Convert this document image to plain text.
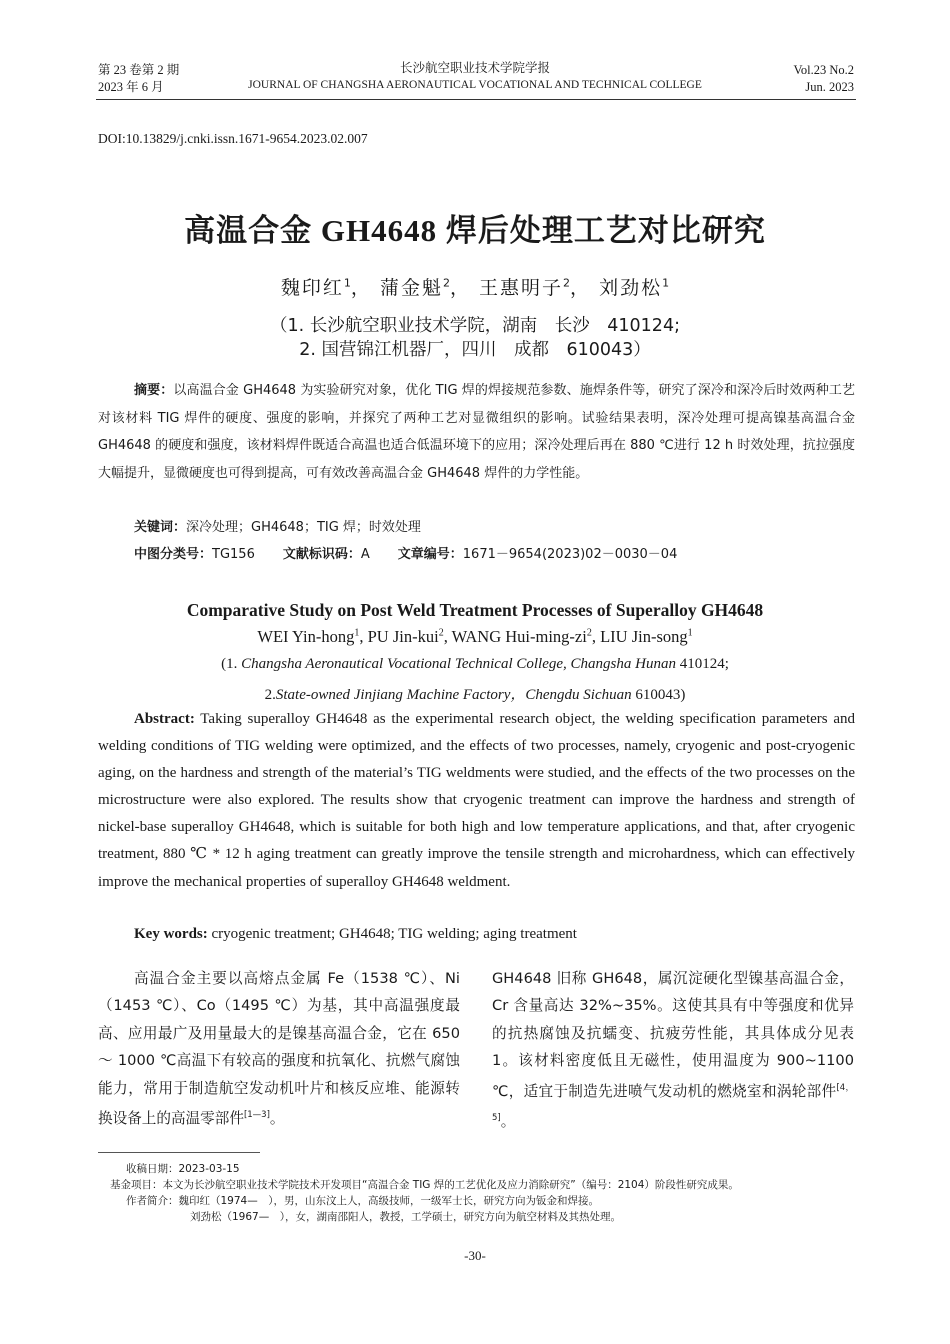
第 23 卷第 2 期
2023 年 6 月
长沙航空职业技术学院学报
JOURNAL OF CHANGSHA AERONAUTICAL VOCATIONAL AND TECHNICAL COLLEGE
Vol.23 No.2
Jun. 2023
DOI:10.13829/j.cnki.issn.1671-9654.2023.02.007
高温合金 GH4648 焊后处理工艺对比研究
魏印红$^1$， 蒲金魁$^2$， 王惠明子$^2$， 刘劲松$^1$
（1. 长沙航空职业技术学院，湖南　长沙　410124;
2. 国营锦江机器厂，四川　成都　610043）
摘要：以高温合金 GH4648 为实验研究对象，优化 TIG 焊的焊接规范参数、施焊条件等，研究了深冷和深冷后时效两种工艺对该材料 TIG 焊件的硬度、强度的影响，并探究了两种工艺对显微组织的影响。试验结果表明，深冷处理可提高镍基高温合金 GH4648 的硬度和强度，该材料焊件既适合高温也适合低温环境下的应用；深冷处理后再在 880 ℃进行 12 h 时效处理，抗拉强度大幅提升，显微硬度也可得到提高，可有效改善高温合金 GH4648 焊件的力学性能。
关键词：深冷处理；GH4648；TIG 焊；时效处理
中图分类号：TG156 文献标识码：A 文章编号：1671－9654(2023)02－0030－04
Comparative Study on Post Weld Treatment Processes of Superalloy GH4648
WEI Yin-hong$^1$, PU Jin-kui$^2$, WANG Hui-$\min g-zi^2$, LIU Jin-song$^1$
(1. Changsha Aeronautical Vocational Technical College, Changsha Hunan 410124;
2.State-owned Jinjiang Machine Factory，Chengdu Sichuan 610043)
Abstract: Taking superalloy GH4648 as the experimental research object, the welding specification parameters and welding conditions of TIG welding were optimized, and the effects of two processes, namely, cryogenic and post-cryogenic aging, on the hardness and strength of the material’s TIG weldments were studied, and the effects of the two processes on the microstructure were also explored. The results show that cryogenic treatment can improve the hardness and strength of nickel-base superalloy GH4648, which is suitable for both high and low temperature applications, and that, after cryogenic treatment, 880 ℃ * 12 h aging treatment can greatly improve the tensile strength and microhardness, which can effectively improve the mechanical properties of superalloy GH4648 weldment.
Key words: cryogenic treatment; GH4648; TIG welding; aging treatment
高温合金主要以高熔点金属 Fe（1538 ℃）、Ni（1453 ℃）、Co（1495 ℃）为基，其中高温强度最高、应用最广及用量最大的是镍基高温合金，它在 650 ～ 1000 ℃高温下有较高的强度和抗氧化、抗燃气腐蚀能力，常用于制造航空发动机叶片和核反应堆、能源转换设备上的高温零部件[1—3]。
GH4648 旧称 GH648，属沉淀硬化型镍基高温合金，Cr 含量高达 32%~35%。这使其具有中等强度和优异的抗热腐蚀及抗蠕变、抗疲劳性能，其具体成分见表 1。该材料密度低且无磁性，使用温度为 900~1100 ℃，适宜于制造先进喷气发动机的燃烧室和涡轮部件[4，5]。
收稿日期：2023-03-15
基金项目：本文为长沙航空职业技术学院技术开发项目“高温合金 TIG 焊的工艺优化及应力消除研究”（编号：2104）阶段性研究成果。
作者简介：魏印红（1974—　），男，山东汶上人，高级技师，一级军士长，研究方向为钣金和焊接。
刘劲松（1967—　），女，湖南邵阳人，教授，工学硕士，研究方向为航空材料及其热处理。
-30-
